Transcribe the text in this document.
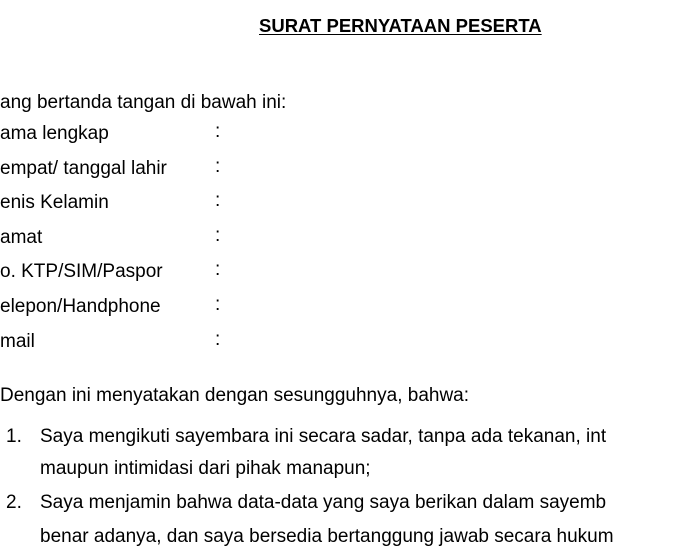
SURAT PERNYATAAN PESERTA
ang bertanda tangan di bawah ini:
ama lengkap	:
empat/ tanggal lahir	:
enis Kelamin	:
amat	:
o. KTP/SIM/Paspor	:
elepon/Handphone	:
mail	:
Dengan ini menyatakan dengan sesungguhnya, bahwa:
1. Saya mengikuti sayembara ini secara sadar, tanpa ada tekanan, int
maupun intimidasi dari pihak manapun;
2. Saya menjamin bahwa data-data yang saya berikan dalam sayemb
benar adanya, dan saya bersedia bertanggung jawab secara hukum
